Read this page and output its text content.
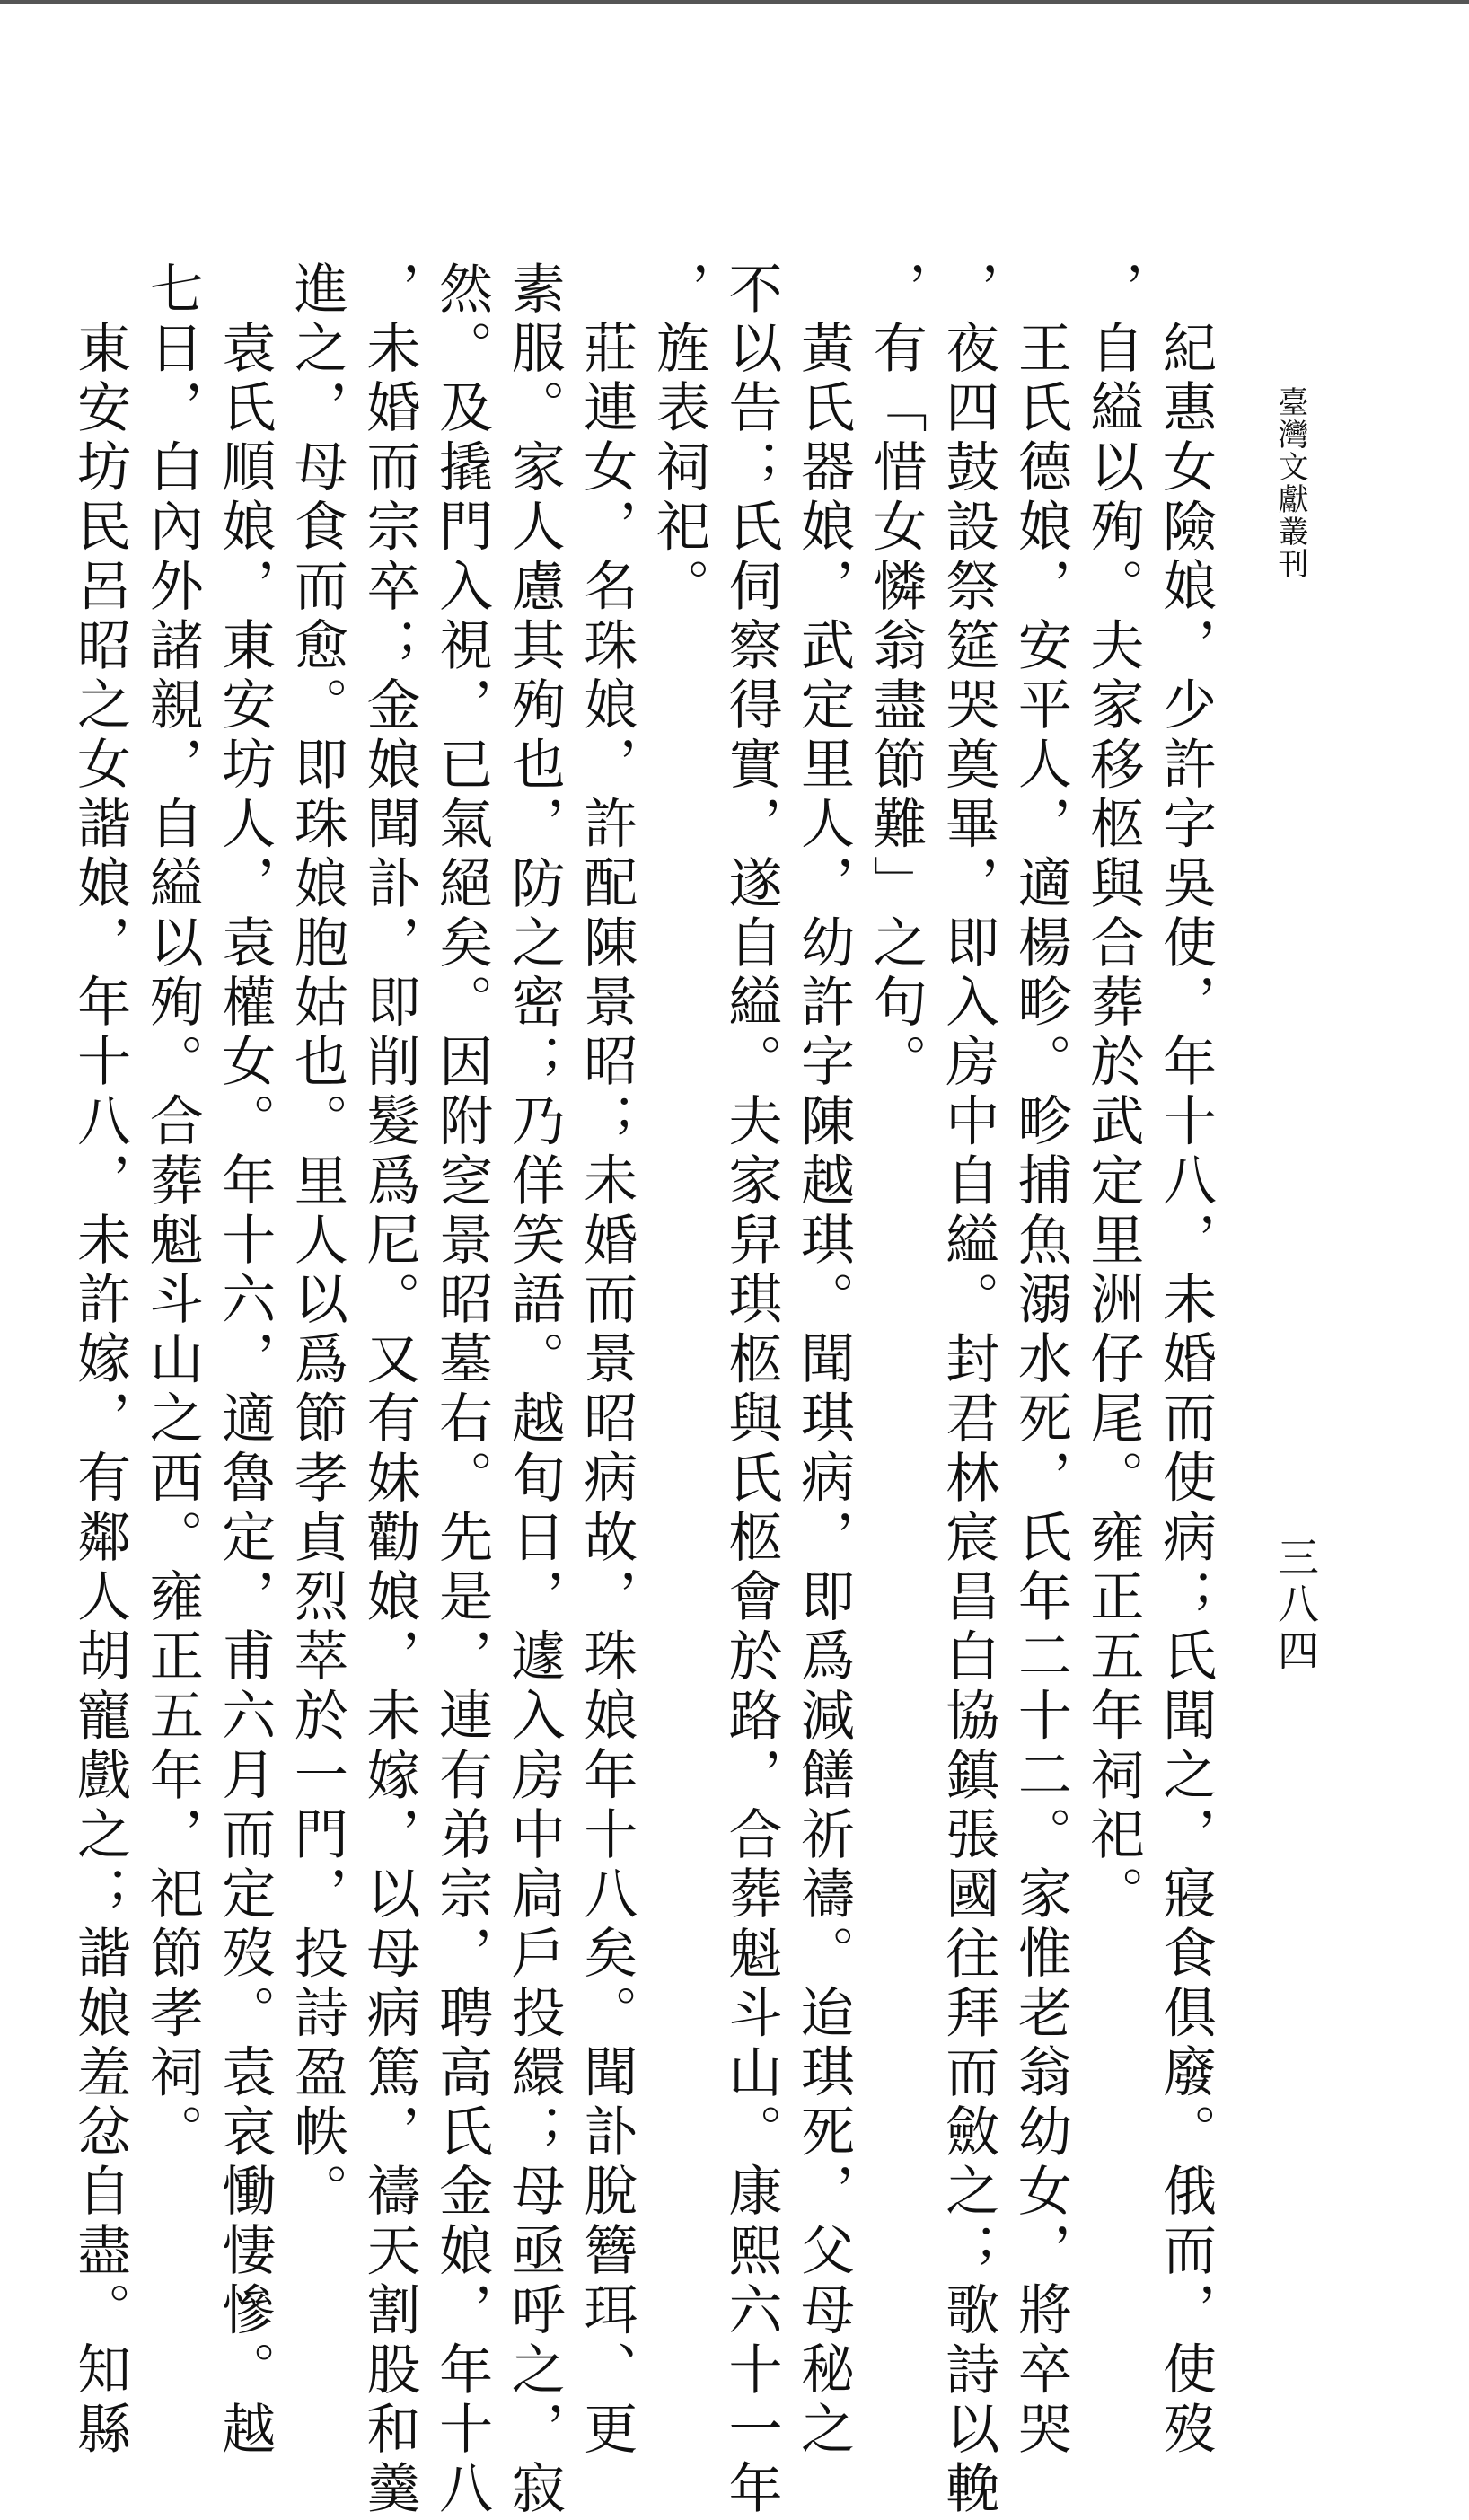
臺灣文獻叢刊
三八四

紀惠女險娘，少許字吳使，年十八，未婚而使病；氏聞之，寢食俱廢。俄而，使歿

，自縊以殉。夫家移柩與合葬於武定里洲仔尾。雍正五年祠祀。

王氏德娘，安平人，適楊畛。畛捕魚溺水死，氏年二十二。家惟老翁幼女，將卒哭

，夜四鼓設祭筵哭奠畢，即入房中自縊。封君林宸昌白協鎮張國往拜而斂之；歌詩以輓

，有「惜女憐翁盡節難」之句。

黃氏器娘，武定里人，幼許字陳越琪。聞琪病，即爲減饍祈禱。迨琪死，父母秘之

不以告；氏伺察得實，遂自縊。夫家舁琪柩與氏柩會於路，合葬魁斗山。康熙六十一年

，旌表祠祀。

莊連女，名珠娘，許配陳景昭；未婚而景昭病故，珠娘年十八矣。聞訃脫簪珥、更

素服。家人慮其殉也，防之密；乃佯笑語。越旬日，遽入房中扃戶投繯；母亟呼之，寂

然。及撬門入視，已氣絕矣。因附窆景昭墓右。先是，連有弟宗，聘高氏金娘，年十八

，未婚而宗卒；金娘聞訃，即削髮爲尼。又有妹勸娘，未嫁，以母病篤，禱天割股和羹

進之，母食而愈。即珠娘胞姑也。里人以爲節孝貞烈萃於一門，投詩盈帙。

袁氏順娘，東安坊人，袁權女。年十六，適魯定，甫六月而定歿。袁哀慟悽慘。越

七日，白內外諸親，自縊以殉。合葬魁斗山之西。雍正五年，祀節孝祠。

東安坊民呂昭之女諧娘，年十八，未許嫁，有鄰人胡寵戲之；諧娘羞忿自盡。知縣
